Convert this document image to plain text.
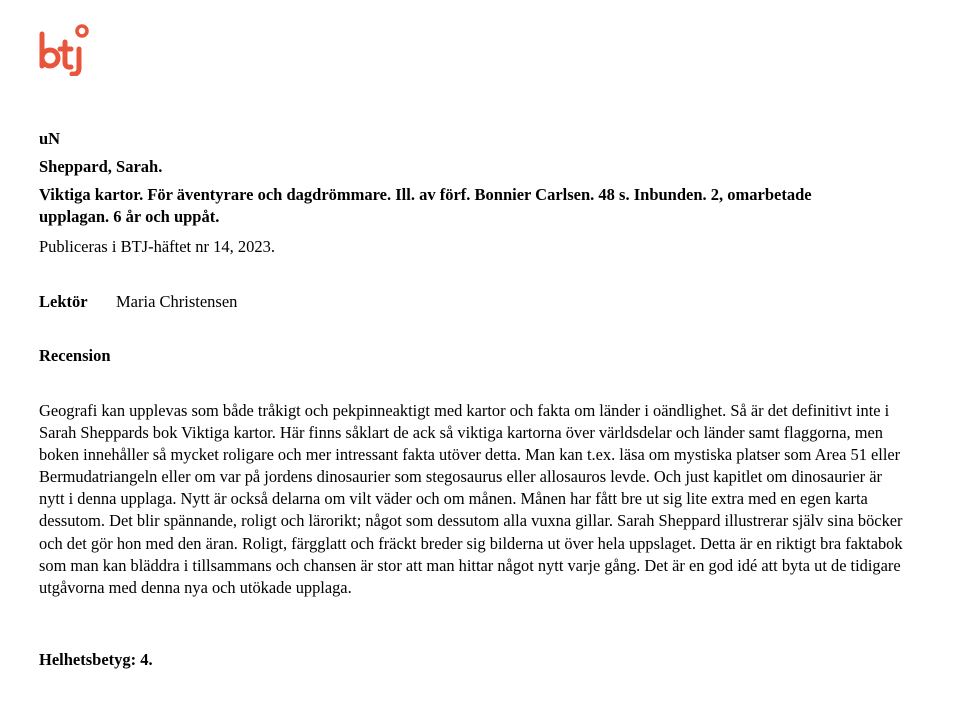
uN
Sheppard, Sarah.
Viktiga kartor. För äventyrare och dagdrömmare. Ill. av förf. Bonnier Carlsen. 48 s. Inbunden. 2, omarbetade upplagan. 6 år och uppåt.
Publiceras i BTJ-häftet nr 14, 2023.
Lektör Maria Christensen
Recension
Geografi kan upplevas som både tråkigt och pekpinneaktigt med kartor och fakta om länder i oändlighet. Så är det definitivt inte i Sarah Sheppards bok Viktiga kartor. Här finns såklart de ack så viktiga kartorna över världsdelar och länder samt flaggorna, men boken innehåller så mycket roligare och mer intressant fakta utöver detta. Man kan t.ex. läsa om mystiska platser som Area 51 eller Bermudatriangeln eller om var på jordens dinosaurier som stegosaurus eller allosauros levde. Och just kapitlet om dinosaurier är nytt i denna upplaga. Nytt är också delarna om vilt väder och om månen. Månen har fått bre ut sig lite extra med en egen karta dessutom. Det blir spännande, roligt och lärorikt; något som dessutom alla vuxna gillar. Sarah Sheppard illustrerar själv sina böcker och det gör hon med den äran. Roligt, färgglatt och fräckt breder sig bilderna ut över hela uppslaget. Detta är en riktigt bra faktabok som man kan bläddra i tillsammans och chansen är stor att man hittar något nytt varje gång. Det är en god idé att byta ut de tidigare utgåvorna med denna nya och utökade upplaga.
Helhetsbetyg: 4.
